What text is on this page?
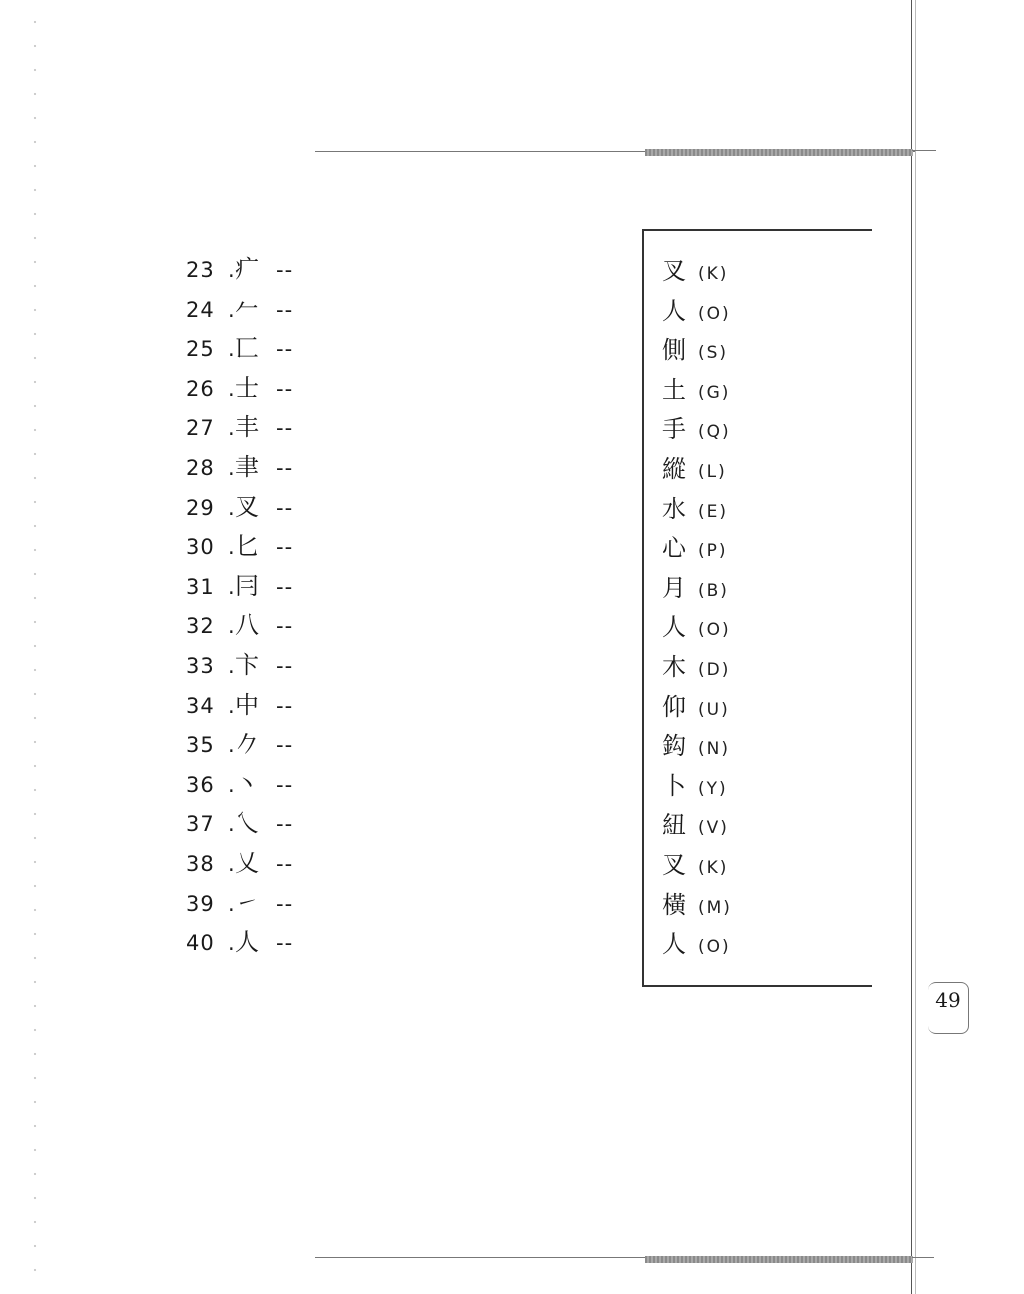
23 .疒 --
24 .𠂉 --
25 .匸 --
26 .士 --
27 .丰 --
28 .聿 --
29 .叉 --
30 .匕 --
31 .冃 --
32 .八 --
33 .卞 --
34 .中 --
35 .𠂊 --
36 .丶 --
37 .乀 --
38 .乂 --
39 .㇀ --
40 .人 --
叉 (K)
人 (O)
側 (S)
土 (G)
手 (Q)
縱 (L)
水 (E)
心 (P)
月 (B)
人 (O)
木 (D)
仰 (U)
鈎 (N)
卜 (Y)
紐 (V)
叉 (K)
橫 (M)
人 (O)
49
